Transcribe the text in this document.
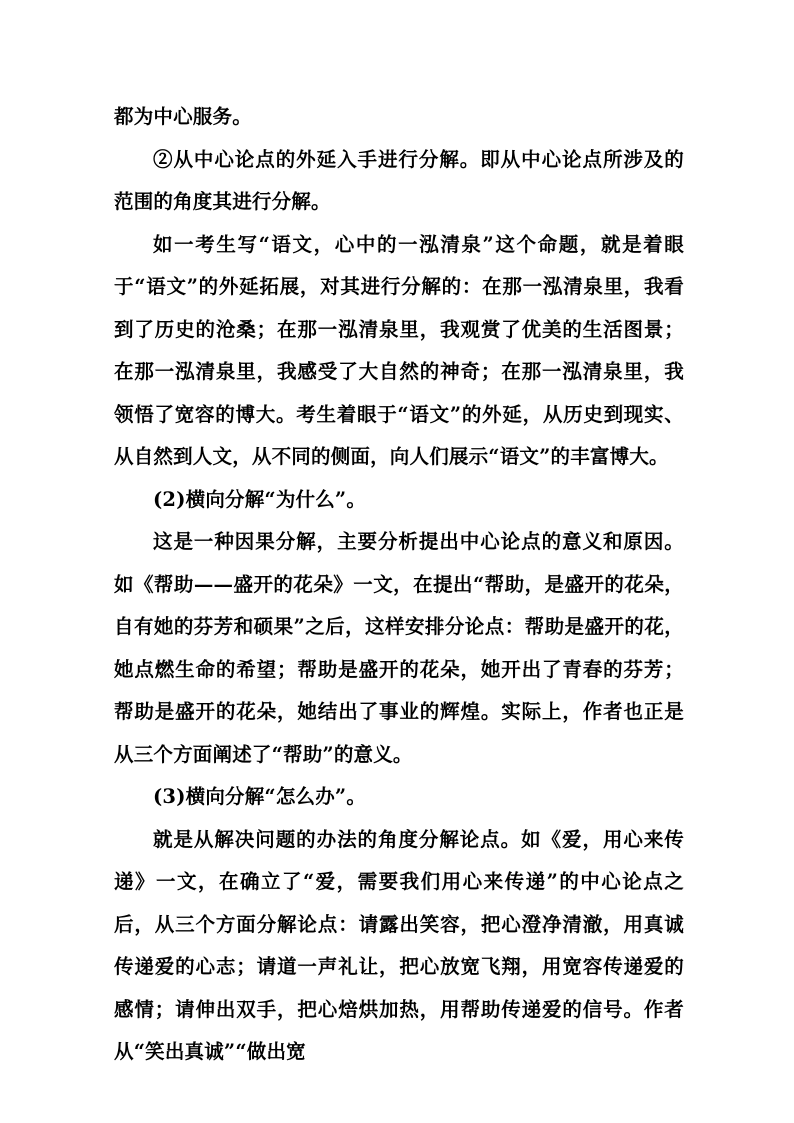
都为中心服务。

②从中心论点的外延入手进行分解。即从中心论点所涉及的范围的角度其进行分解。

如一考生写“语文，心中的一泓清泉”这个命题，就是着眼于“语文”的外延拓展，对其进行分解的：在那一泓清泉里，我看到了历史的沧桑；在那一泓清泉里，我观赏了优美的生活图景；在那一泓清泉里，我感受了大自然的神奇；在那一泓清泉里，我领悟了宽容的博大。考生着眼于“语文”的外延，从历史到现实、从自然到人文，从不同的侧面，向人们展示“语文”的丰富博大。

(2)横向分解“为什么”。

这是一种因果分解，主要分析提出中心论点的意义和原因。如《帮助——盛开的花朵》一文，在提出“帮助，是盛开的花朵，自有她的芬芳和硕果”之后，这样安排分论点：帮助是盛开的花，她点燃生命的希望；帮助是盛开的花朵，她开出了青春的芬芳；帮助是盛开的花朵，她结出了事业的辉煌。实际上，作者也正是从三个方面阐述了“帮助”的意义。

(3)横向分解“怎么办”。

就是从解决问题的办法的角度分解论点。如《爱，用心来传递》一文，在确立了“爱，需要我们用心来传递”的中心论点之后，从三个方面分解论点：请露出笑容，把心澄净清澈，用真诚传递爱的心志；请道一声礼让，把心放宽飞翔，用宽容传递爱的感情；请伸出双手，把心焙烘加热，用帮助传递爱的信号。作者从“笑出真诚”“做出宽
